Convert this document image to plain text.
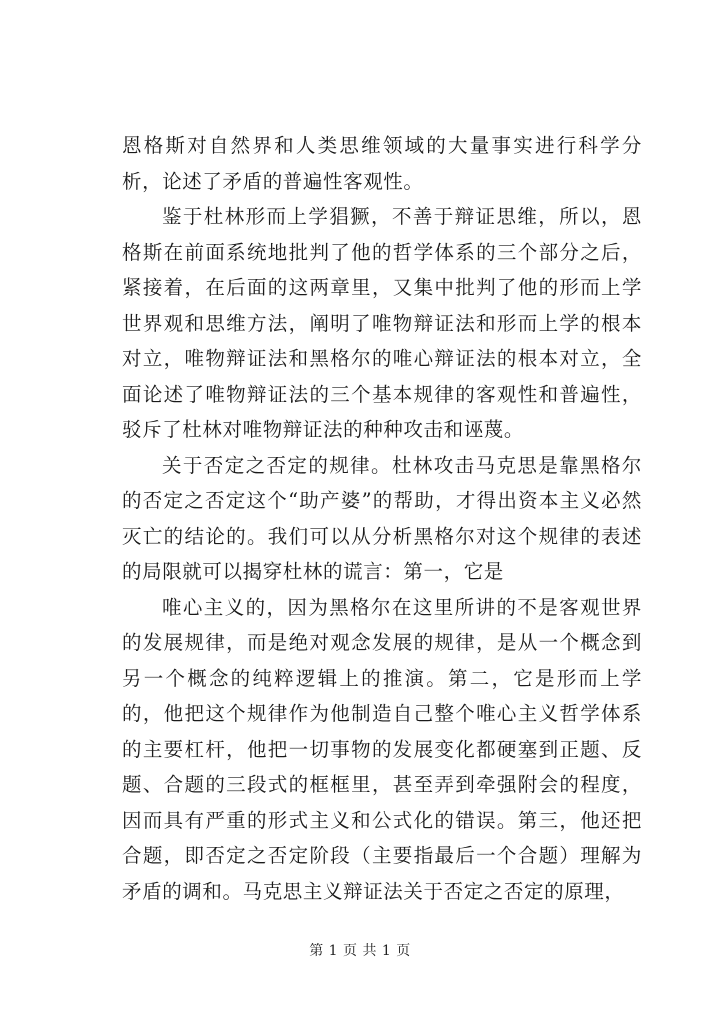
恩格斯对自然界和人类思维领域的大量事实进行科学分析，论述了矛盾的普遍性客观性。

鉴于杜林形而上学猖獗，不善于辩证思维，所以，恩格斯在前面系统地批判了他的哲学体系的三个部分之后，紧接着，在后面的这两章里，又集中批判了他的形而上学世界观和思维方法，阐明了唯物辩证法和形而上学的根本对立，唯物辩证法和黑格尔的唯心辩证法的根本对立，全面论述了唯物辩证法的三个基本规律的客观性和普遍性，驳斥了杜林对唯物辩证法的种种攻击和诬蔑。

关于否定之否定的规律。杜林攻击马克思是靠黑格尔的否定之否定这个“助产婆”的帮助，才得出资本主义必然灭亡的结论的。我们可以从分析黑格尔对这个规律的表述的局限就可以揭穿杜林的谎言：第一，它是

唯心主义的，因为黑格尔在这里所讲的不是客观世界的发展规律，而是绝对观念发展的规律，是从一个概念到另一个概念的纯粹逻辑上的推演。第二，它是形而上学的，他把这个规律作为他制造自己整个唯心主义哲学体系的主要杠杆，他把一切事物的发展变化都硬塞到正题、反题、合题的三段式的框框里，甚至弄到牵强附会的程度，因而具有严重的形式主义和公式化的错误。第三，他还把合题，即否定之否定阶段（主要指最后一个合题）理解为矛盾的调和。马克思主义辩证法关于否定之否定的原理，

第 1 页 共 1 页
